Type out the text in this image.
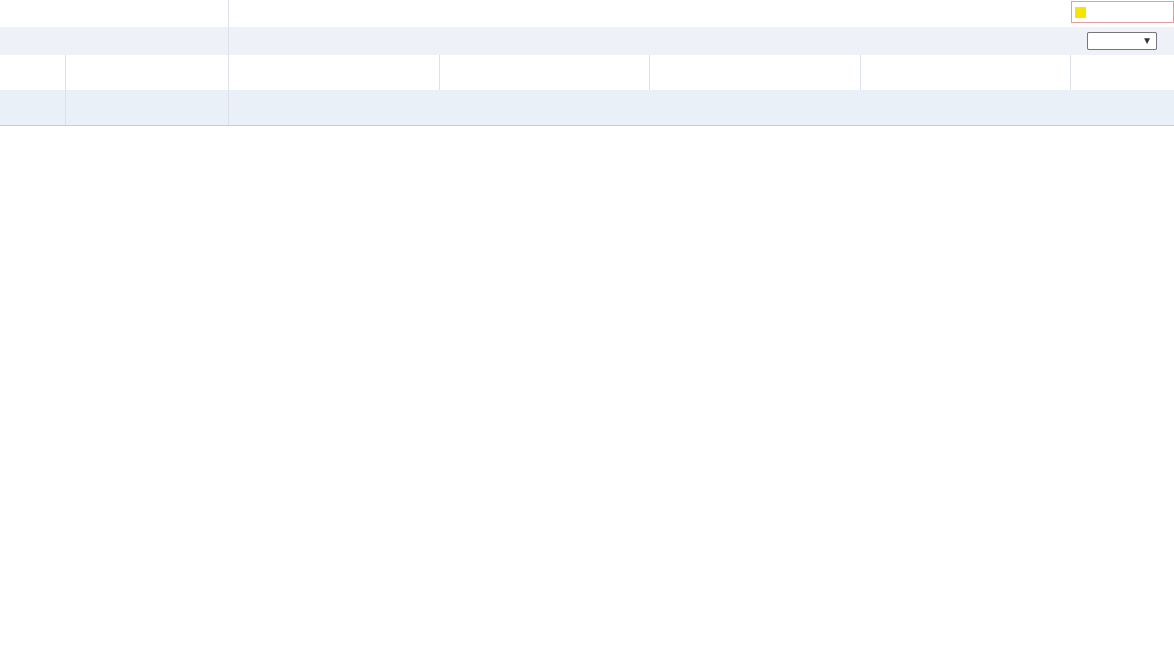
▼
